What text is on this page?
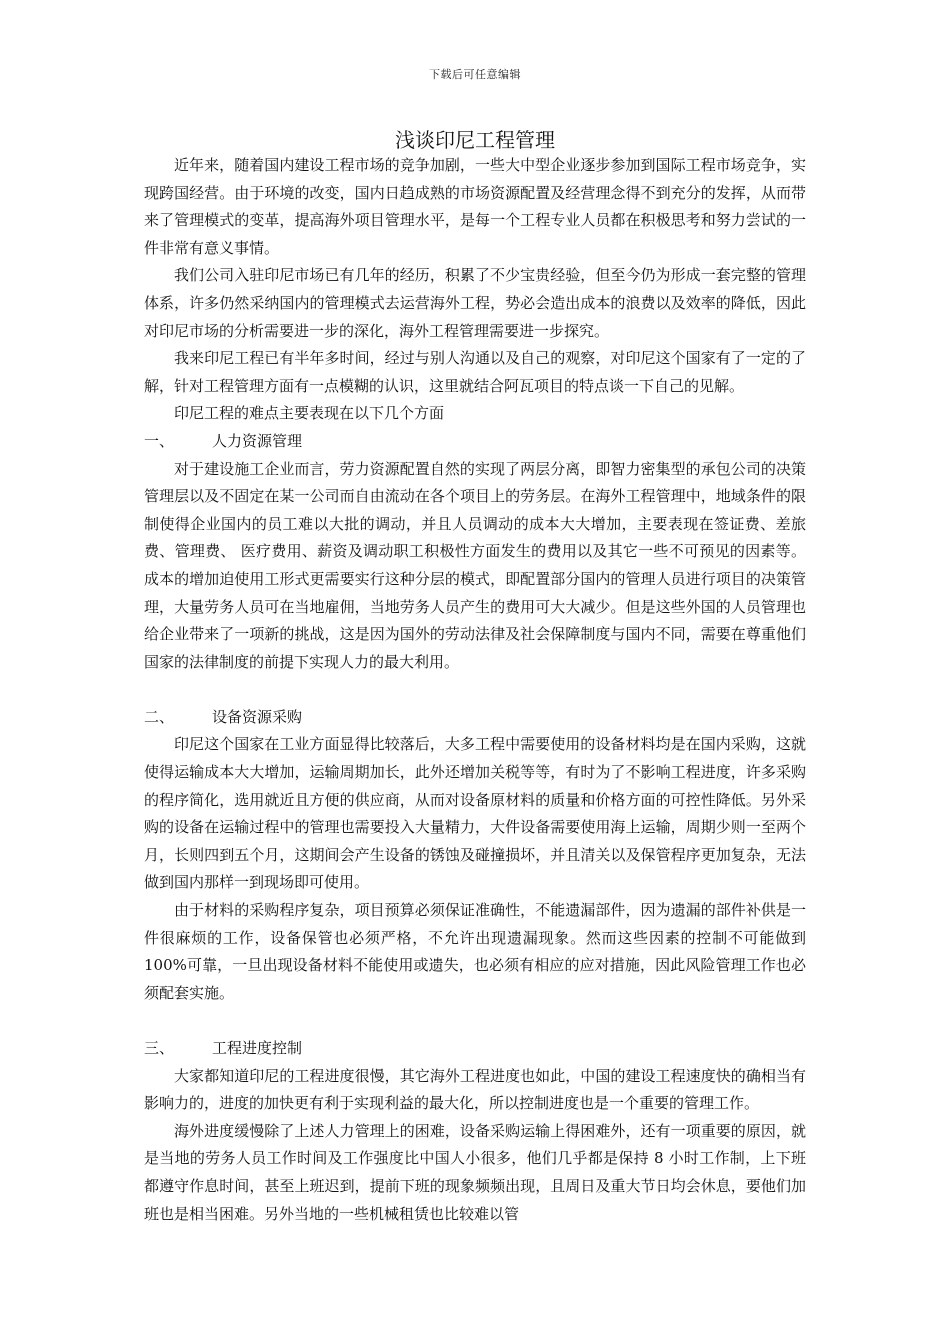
下载后可任意编辑
浅谈印尼工程管理

近年来，随着国内建设工程市场的竞争加剧，一些大中型企业逐步参加到国际工程市场竞争，实现跨国经营。由于环境的改变，国内日趋成熟的市场资源配置及经营理念得不到充分的发挥，从而带来了管理模式的变革，提高海外项目管理水平，是每一个工程专业人员都在积极思考和努力尝试的一件非常有意义事情。

我们公司入驻印尼市场已有几年的经历，积累了不少宝贵经验，但至今仍为形成一套完整的管理体系，许多仍然采纳国内的管理模式去运营海外工程，势必会造出成本的浪费以及效率的降低，因此对印尼市场的分析需要进一步的深化，海外工程管理需要进一步探究。

我来印尼工程已有半年多时间，经过与别人沟通以及自己的观察，对印尼这个国家有了一定的了解，针对工程管理方面有一点模糊的认识，这里就结合阿瓦项目的特点谈一下自己的见解。

印尼工程的难点主要表现在以下几个方面

一、	人力资源管理

对于建设施工企业而言，劳力资源配置自然的实现了两层分离，即智力密集型的承包公司的决策管理层以及不固定在某一公司而自由流动在各个项目上的劳务层。在海外工程管理中，地域条件的限制使得企业国内的员工难以大批的调动，并且人员调动的成本大大增加，主要表现在签证费、差旅费、管理费、 医疗费用、薪资及调动职工积极性方面发生的费用以及其它一些不可预见的因素等。成本的增加迫使用工形式更需要实行这种分层的模式，即配置部分国内的管理人员进行项目的决策管理，大量劳务人员可在当地雇佣，当地劳务人员产生的费用可大大减少。但是这些外国的人员管理也给企业带来了一项新的挑战，这是因为国外的劳动法律及社会保障制度与国内不同，需要在尊重他们国家的法律制度的前提下实现人力的最大利用。

二、	设备资源采购

印尼这个国家在工业方面显得比较落后，大多工程中需要使用的设备材料均是在国内采购，这就使得运输成本大大增加，运输周期加长，此外还增加关税等等，有时为了不影响工程进度，许多采购的程序简化，选用就近且方便的供应商，从而对设备原材料的质量和价格方面的可控性降低。另外采购的设备在运输过程中的管理也需要投入大量精力，大件设备需要使用海上运输，周期少则一至两个月，长则四到五个月，这期间会产生设备的锈蚀及碰撞损坏，并且清关以及保管程序更加复杂，无法做到国内那样一到现场即可使用。

由于材料的采购程序复杂，项目预算必须保证准确性，不能遗漏部件，因为遗漏的部件补供是一件很麻烦的工作，设备保管也必须严格，不允许出现遗漏现象。然而这些因素的控制不可能做到100%可靠，一旦出现设备材料不能使用或遗失，也必须有相应的应对措施，因此风险管理工作也必须配套实施。

三、	工程进度控制

大家都知道印尼的工程进度很慢，其它海外工程进度也如此，中国的建设工程速度快的确相当有影响力的，进度的加快更有利于实现利益的最大化，所以控制进度也是一个重要的管理工作。

海外进度缓慢除了上述人力管理上的困难，设备采购运输上得困难外，还有一项重要的原因，就是当地的劳务人员工作时间及工作强度比中国人小很多，他们几乎都是保持 8 小时工作制，上下班都遵守作息时间，甚至上班迟到，提前下班的现象频频出现，且周日及重大节日均会休息，要他们加班也是相当困难。另外当地的一些机械租赁也比较难以管
